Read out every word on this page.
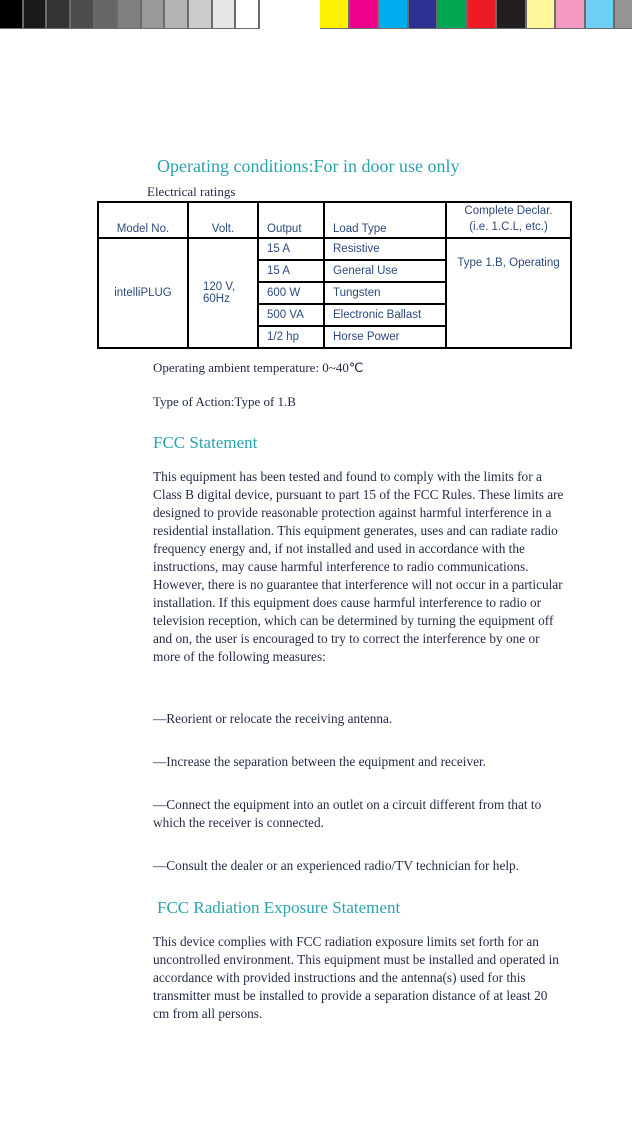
Operating conditions:For in door use only
Electrical ratings
Model No.	Volt.	Output	Load Type	Complete Declar.
(i.e. 1.C.L, etc.)
intelliPLUG	120 V, 60Hz	15 A	Resistive	Type 1.B, Operating
		15 A	General Use	
		600 W	Tungsten	
		500 VA	Electronic Ballast	
		1/2 hp	Horse Power	
Operating ambient temperature: 0~40℃
Type of Action:Type of 1.B
FCC Statement
This equipment has been tested and found to comply with the limits for a Class B digital device, pursuant to part 15 of the FCC Rules. These limits are designed to provide reasonable protection against harmful interference in a residential installation. This equipment generates, uses and can radiate radio frequency energy and, if not installed and used in accordance with the instructions, may cause harmful interference to radio communications. However, there is no guarantee that interference will not occur in a particular installation. If this equipment does cause harmful interference to radio or television reception, which can be determined by turning the equipment off and on, the user is encouraged to try to correct the interference by one or more of the following measures:
—Reorient or relocate the receiving antenna.
—Increase the separation between the equipment and receiver.
—Connect the equipment into an outlet on a circuit different from that to which the receiver is connected.
—Consult the dealer or an experienced radio/TV technician for help.
FCC Radiation Exposure Statement
This device complies with FCC radiation exposure limits set forth for an uncontrolled environment. This equipment must be installed and operated in accordance with provided instructions and the antenna(s) used for this transmitter must be installed to provide a separation distance of at least 20 cm from all persons.
